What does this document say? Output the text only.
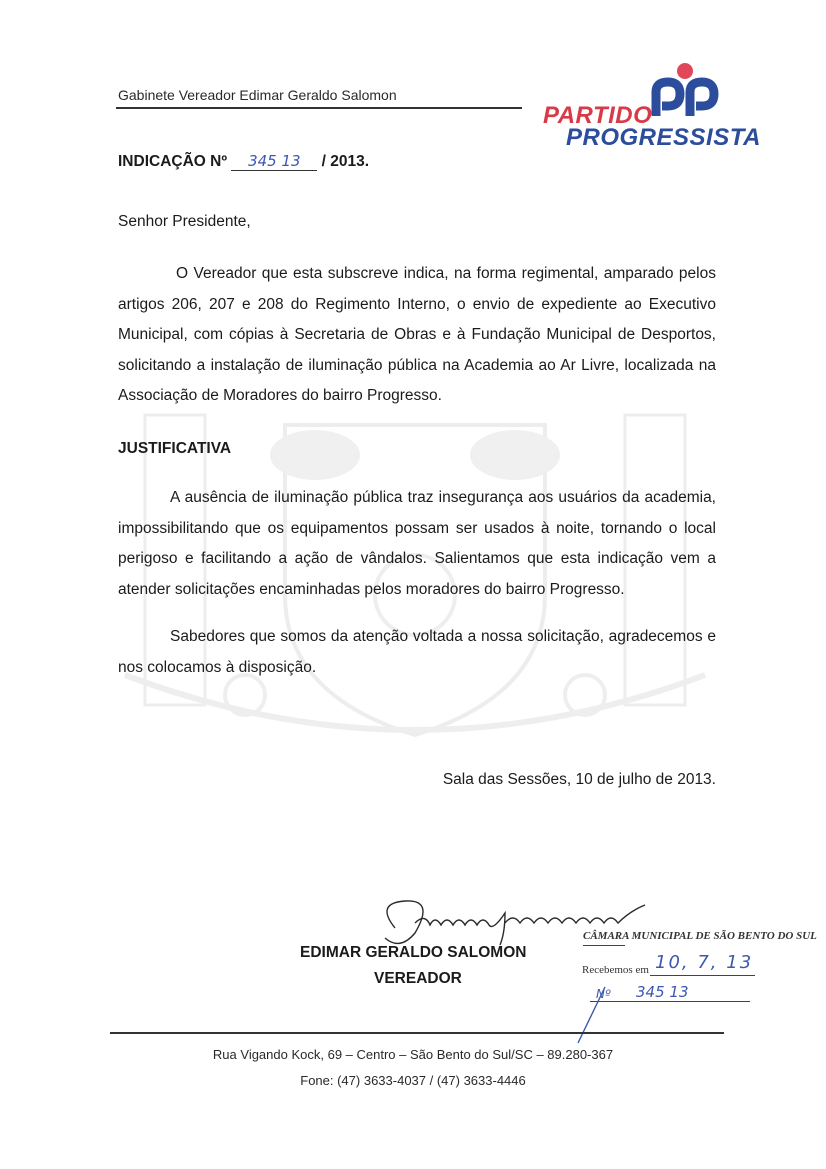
Gabinete Vereador Edimar Geraldo Salomon
PARTIDO
PROGRESSISTA
INDICAÇÃO Nº 345 13 / 2013.
Senhor Presidente,
O Vereador que esta subscreve indica, na forma regimental, amparado pelos artigos 206, 207 e 208 do Regimento Interno, o envio de expediente ao Executivo Municipal, com cópias à Secretaria de Obras e à Fundação Municipal de Desportos, solicitando a instalação de iluminação pública na Academia ao Ar Livre, localizada na Associação de Moradores do bairro Progresso.
JUSTIFICATIVA
A ausência de iluminação pública traz insegurança aos usuários da academia, impossibilitando que os equipamentos possam ser usados à noite, tornando o local perigoso e facilitando a ação de vândalos. Salientamos que esta indicação vem a atender solicitações encaminhadas pelos moradores do bairro Progresso.
Sabedores que somos da atenção voltada a nossa solicitação, agradecemos e nos colocamos à disposição.
Sala das Sessões, 10 de julho de 2013.
EDIMAR GERALDO SALOMON
VEREADOR
CÂMARA MUNICIPAL DE SÃO BENTO DO SUL
Recebemos em 10, 7, 13
Nº 345 13
Rua Vigando Kock, 69 – Centro – São Bento do Sul/SC – 89.280-367
Fone: (47) 3633-4037 / (47) 3633-4446
